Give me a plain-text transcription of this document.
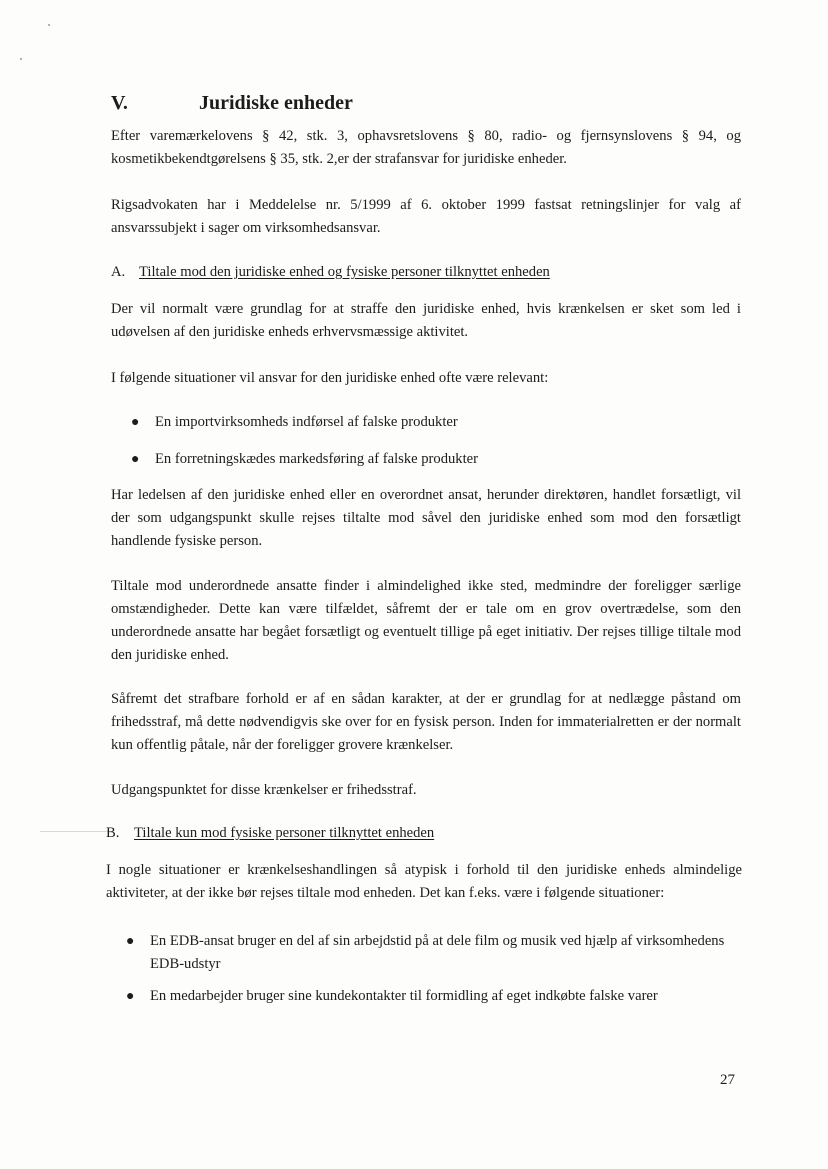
V.	Juridiske enheder
Efter varemærkelovens § 42, stk. 3, ophavsretslovens § 80, radio- og fjernsynslovens § 94, og kosmetikbekendtgørelsens § 35, stk. 2,er der strafansvar for juridiske enheder.
Rigsadvokaten har i Meddelelse nr. 5/1999 af 6. oktober 1999 fastsat retningslinjer for valg af ansvarssubjekt i sager om virksomhedsansvar.
A. Tiltale mod den juridiske enhed og fysiske personer tilknyttet enheden
Der vil normalt være grundlag for at straffe den juridiske enhed, hvis krænkelsen er sket som led i udøvelsen af den juridiske enheds erhvervsmæssige aktivitet.
I følgende situationer vil ansvar for den juridiske enhed ofte være relevant:
● En importvirksomheds indførsel af falske produkter
● En forretningskædes markedsføring af falske produkter
Har ledelsen af den juridiske enhed eller en overordnet ansat, herunder direktøren, handlet forsætligt, vil der som udgangspunkt skulle rejses tiltalte mod såvel den juridiske enhed som mod den forsætligt handlende fysiske person.
Tiltale mod underordnede ansatte finder i almindelighed ikke sted, medmindre der foreligger særlige omstændigheder. Dette kan være tilfældet, såfremt der er tale om en grov overtrædelse, som den underordnede ansatte har begået forsætligt og eventuelt tillige på eget initiativ. Der rejses tillige tiltale mod den juridiske enhed.
Såfremt det strafbare forhold er af en sådan karakter, at der er grundlag for at nedlægge påstand om frihedsstraf, må dette nødvendigvis ske over for en fysisk person. Inden for immaterialretten er der normalt kun offentlig påtale, når der foreligger grovere krænkelser.
Udgangspunktet for disse krænkelser er frihedsstraf.
B. Tiltale kun mod fysiske personer tilknyttet enheden
I nogle situationer er krænkelseshandlingen så atypisk i forhold til den juridiske enheds almindelige aktiviteter, at der ikke bør rejses tiltale mod enheden. Det kan f.eks. være i følgende situationer:
● En EDB-ansat bruger en del af sin arbejdstid på at dele film og musik ved hjælp af virksomhedens EDB-udstyr
● En medarbejder bruger sine kundekontakter til formidling af eget indkøbte falske varer
27
